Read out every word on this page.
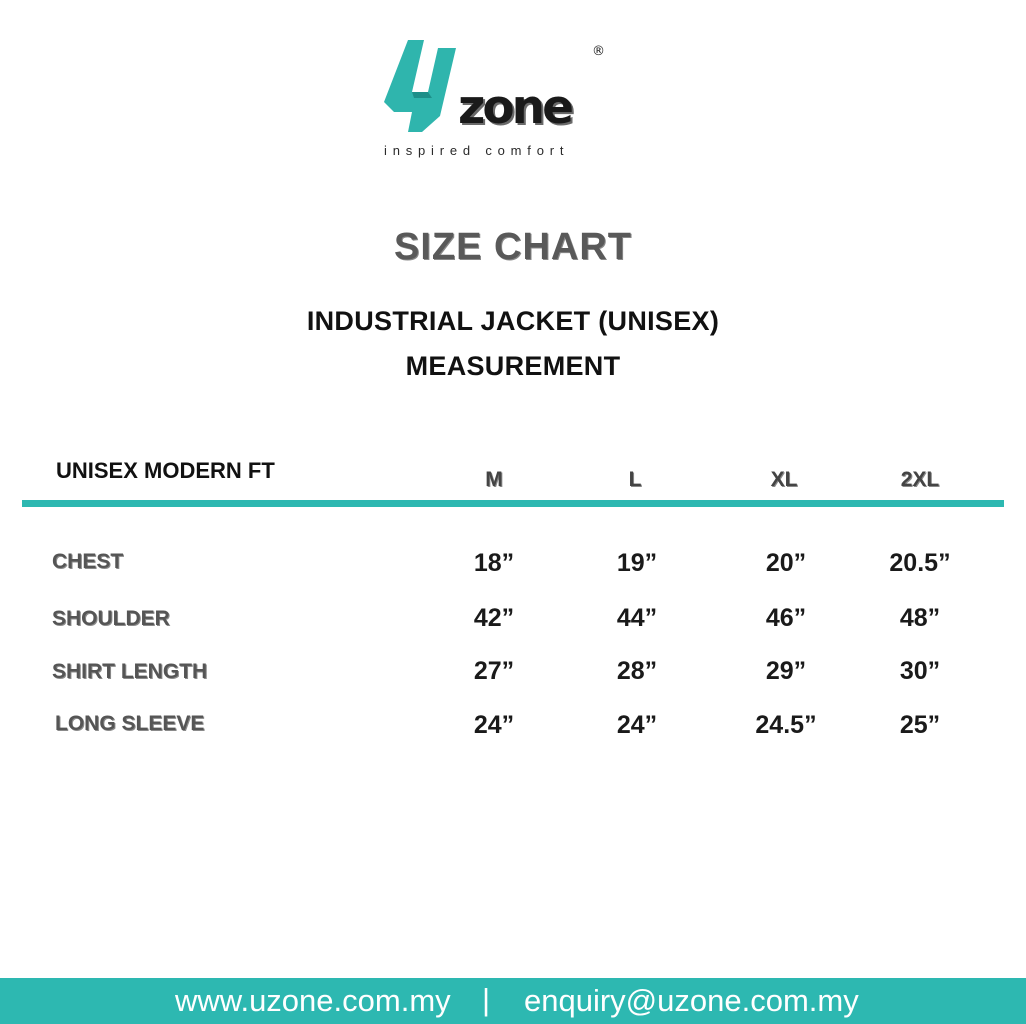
zone
®
inspired comfort
SIZE CHART
INDUSTRIAL JACKET (UNISEX)
MEASUREMENT
UNISEX MODERN FT	M	L	XL	2XL
CHEST	18”	19”	20”	20.5”
SHOULDER	42”	44”	46”	48”
SHIRT LENGTH	27”	28”	29”	30”
LONG SLEEVE	24”	24”	24.5”	25”
www.uzone.com.my | enquiry@uzone.com.my
